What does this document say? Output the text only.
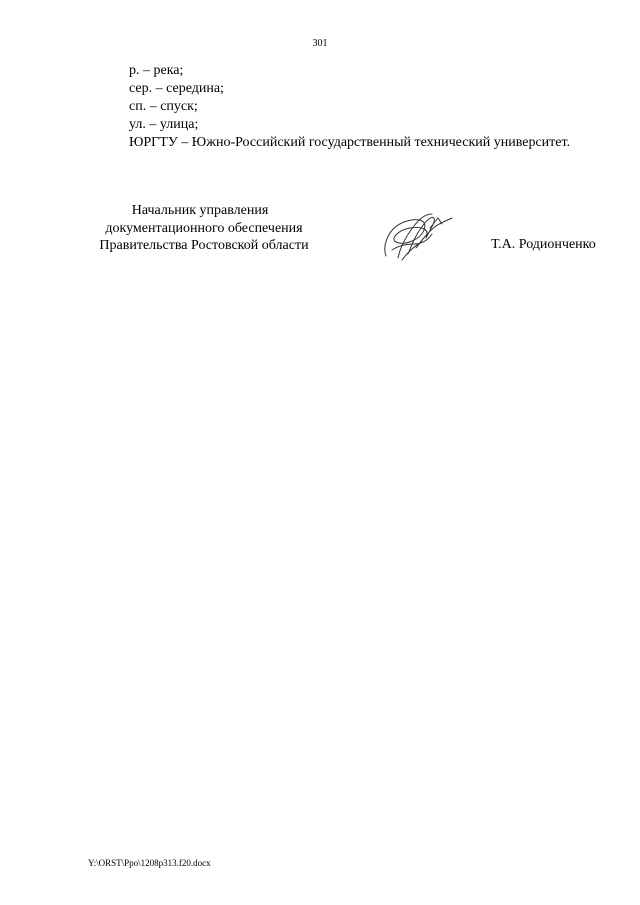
301
р. – река;
сер. – середина;
сп. – спуск;
ул. – улица;
ЮРГТУ – Южно-Российский государственный технический университет.
Начальник управления
документационного обеспечения
Правительства Ростовской области	Т.А. Родионченко
Y:\ORST\Ppo\1208p313.f20.docx
